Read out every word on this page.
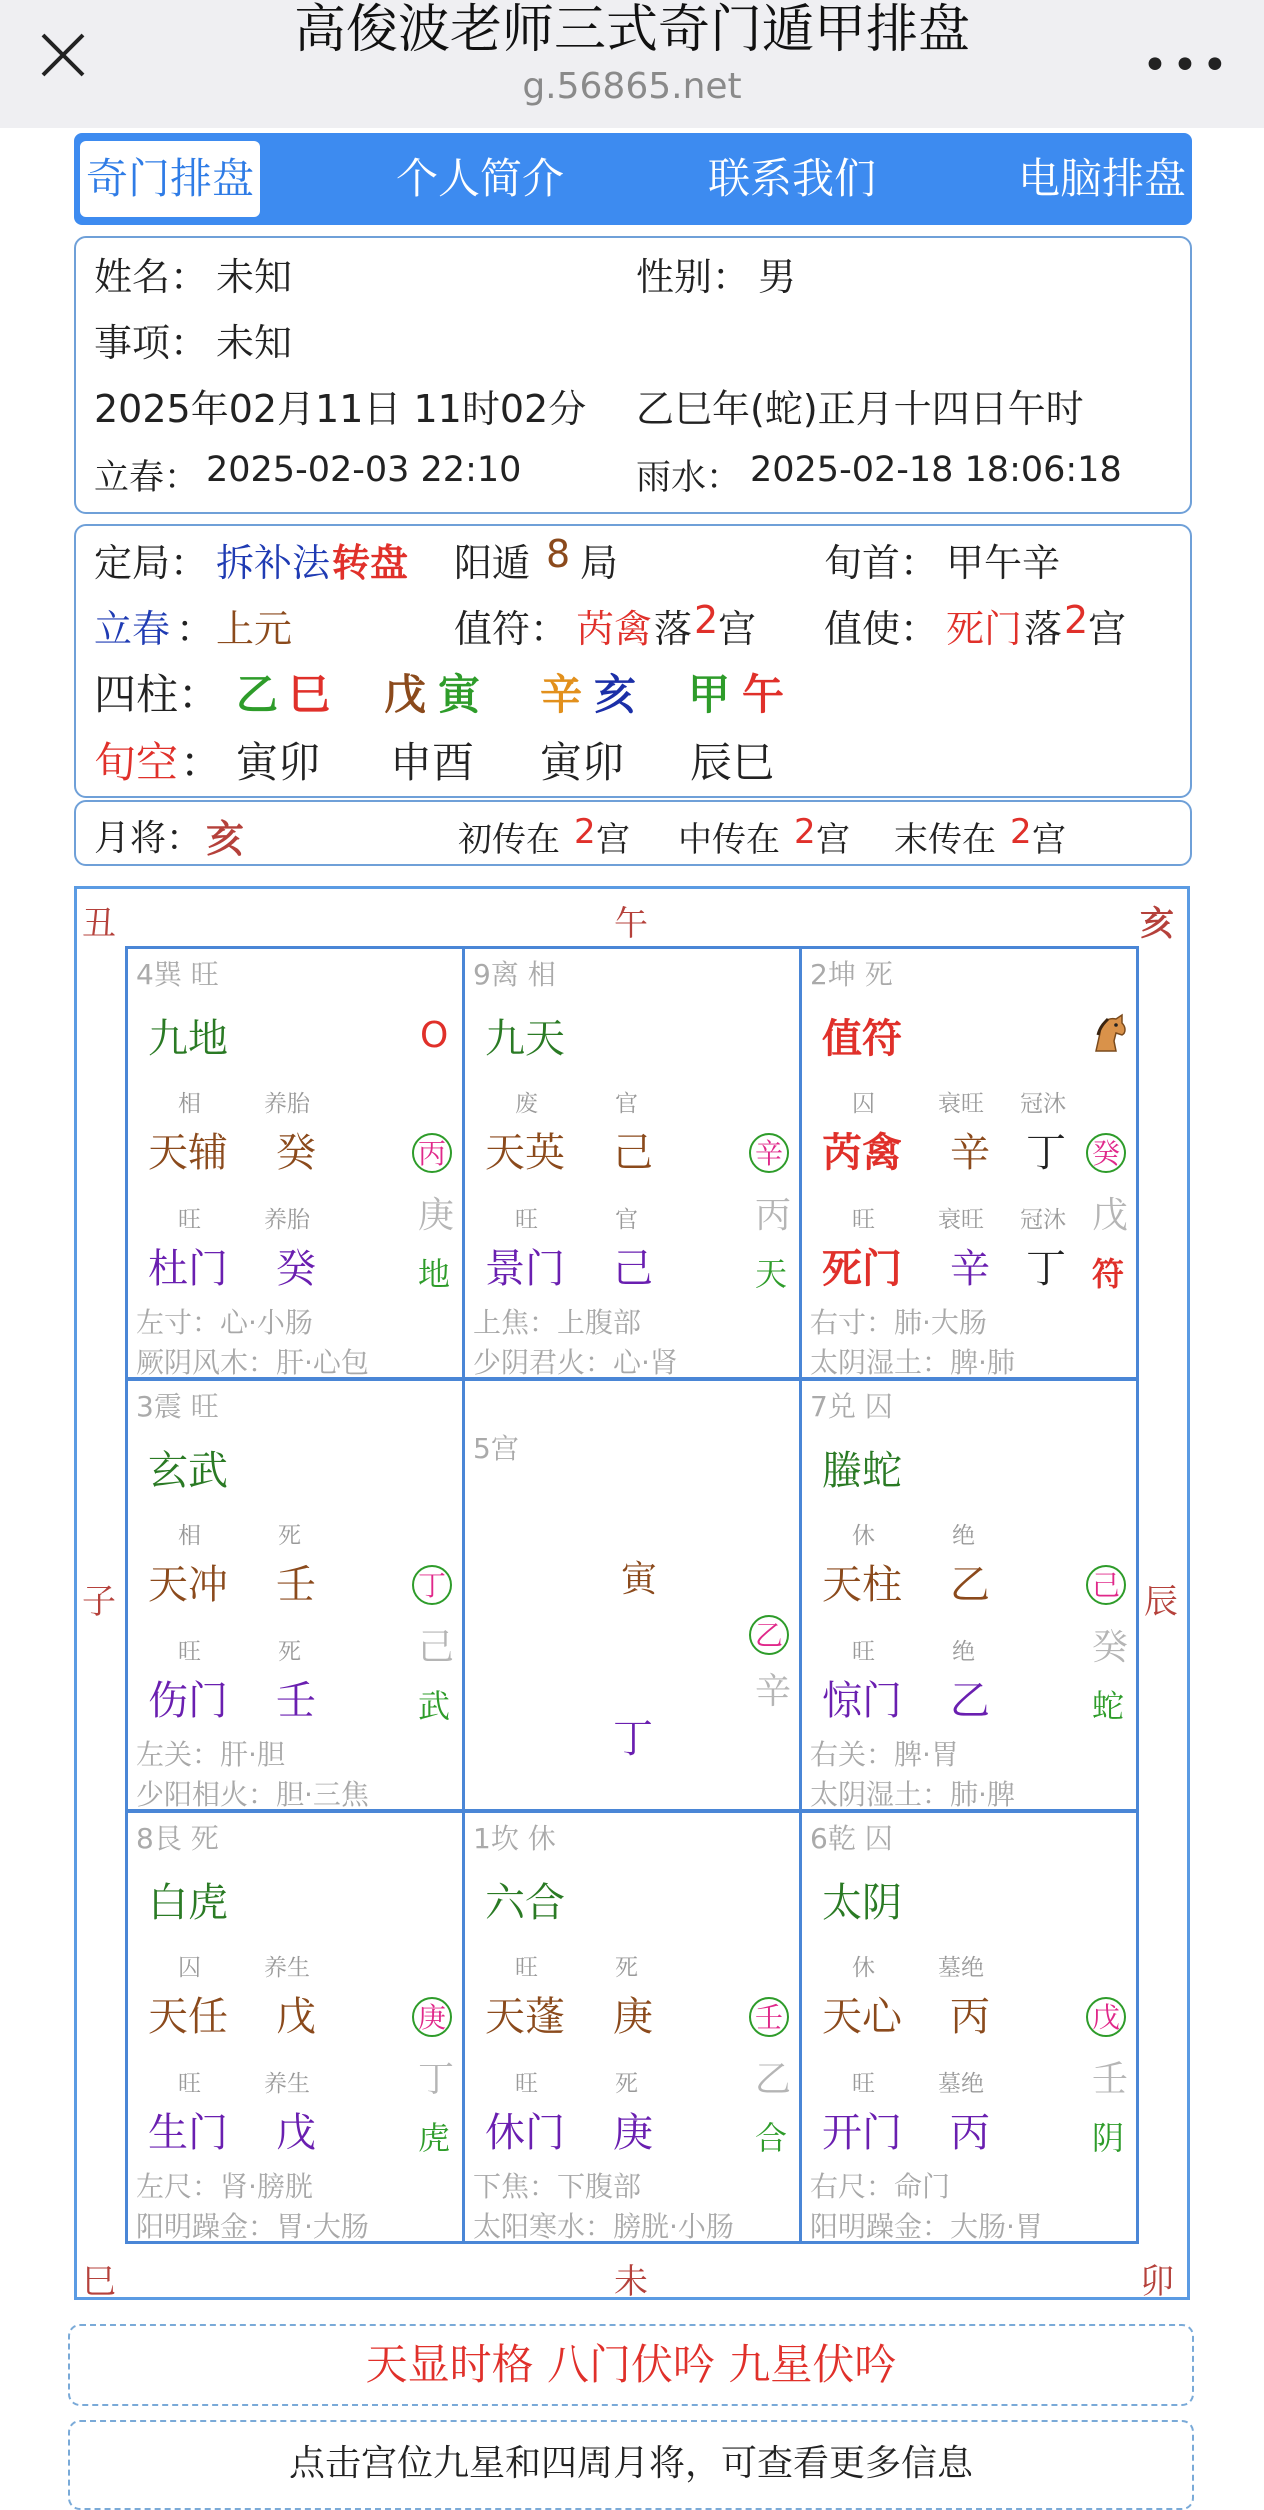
高俊波老师三式奇门遁甲排盘
g.56865.net	•••
奇门排盘	个人简介	联系我们	电脑排盘
姓名： 未知	性别： 男
事项： 未知
2025年02月11日 11时02分 乙巳年(蛇)正月十四日午时
立春： 2025-02-03 22:10	雨水： 2025-02-18 18:06:18
定局： 拆补法 转盘 阳遁 8 局	旬首： 甲午辛
立春 ： 上元	值符： 芮禽 落 2 宫 值使： 死门 落 2 宫
四柱： 乙 巳 戊 寅 辛 亥 甲 午
旬空 ： 寅卯 申酉 寅卯 辰巳
月将： 亥	初传在 2 宫 中传在 2 宫 末传在 2 宫
丑	午	亥
子	辰
巳	未	卯
4巽 旺
九地	O
相	养胎
天辅 癸	丙
旺	养胎	庚
杜门 癸	地
左寸：心·小肠
厥阴风木：肝·心包
9离 相
九天
废	官
天英 己	辛
旺	官	丙
景门 己	天
上焦：上腹部
少阴君火：心·肾
2坤 死
值符
囚	衰旺 冠沐
芮禽 辛 丁 癸
旺	衰旺 冠沐 戊
死门 辛 丁 符
右寸：肺·大肠
太阴湿土：脾·肺
3震 旺
玄武
相	死
天冲 壬	丁
旺	死	己
伤门 壬	武
左关：肝·胆
少阳相火：胆·三焦
5宫
寅
乙
辛
丁
7兑 囚
螣蛇
休	绝
天柱 乙	己
旺	绝	癸
惊门 乙	蛇
右关：脾·胃
太阴湿土：肺·脾
8艮 死
白虎
囚	养生
天任 戊	庚
旺	养生	丁
生门 戊	虎
左尺：肾·膀胱
阳明躁金：胃·大肠
1坎 休
六合
旺	死
天蓬 庚	壬
旺	死	乙
休门 庚	合
下焦：下腹部
太阳寒水：膀胱·小肠
6乾 囚
太阴
休	墓绝
天心 丙	戊
旺	墓绝	壬
开门 丙	阴
右尺：命门
阳明躁金：大肠·胃
天显时格 八门伏吟 九星伏吟
点击宫位九星和四周月将，可查看更多信息
